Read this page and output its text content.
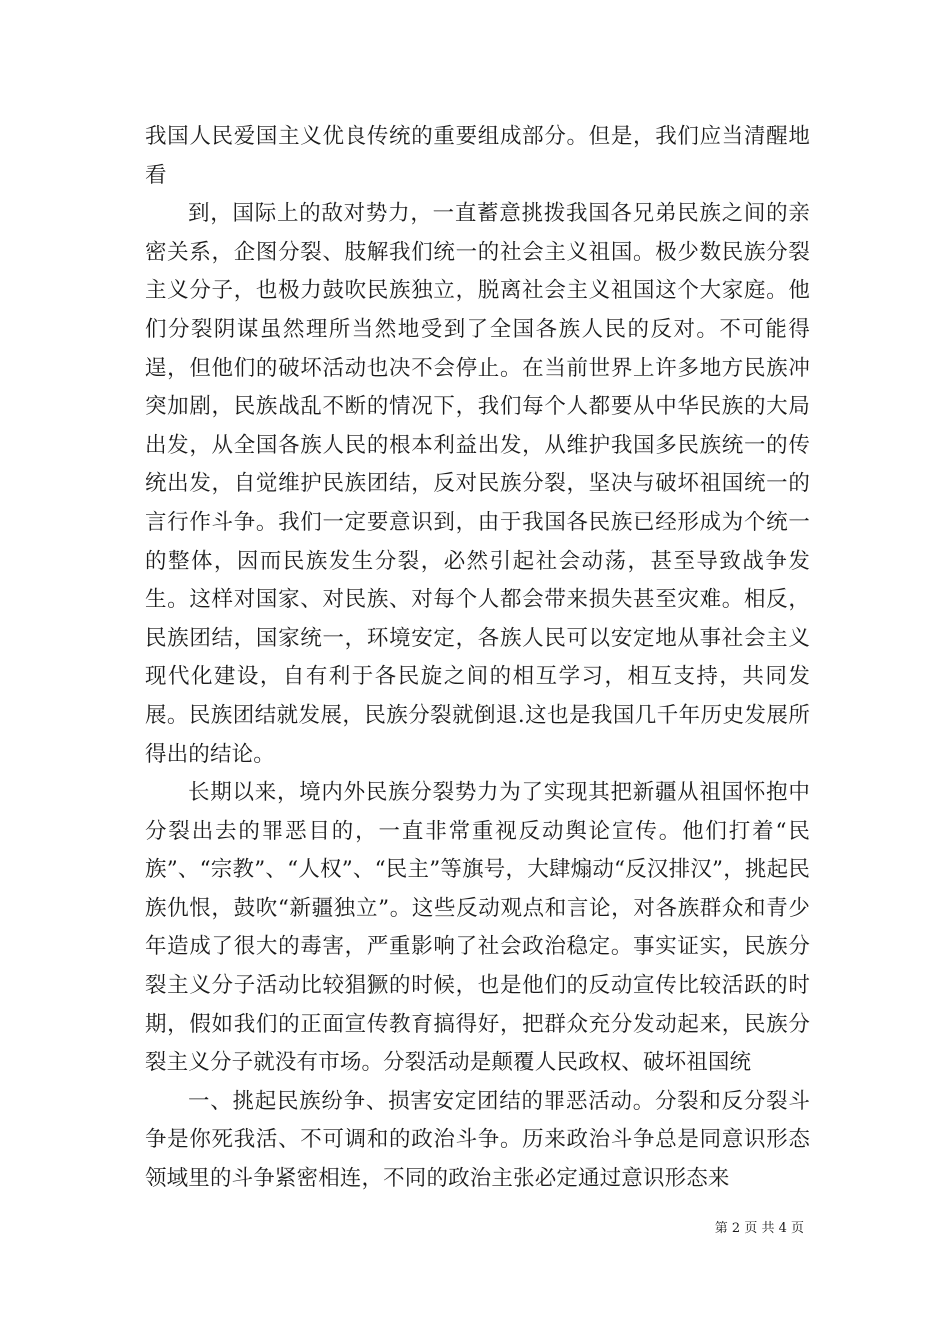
我国人民爱国主义优良传统的重要组成部分。但是，我们应当清醒地看

到，国际上的敌对势力，一直蓄意挑拨我国各兄弟民族之间的亲密关系，企图分裂、肢解我们统一的社会主义祖国。极少数民族分裂主义分子，也极力鼓吹民族独立，脱离社会主义祖国这个大家庭。他们分裂阴谋虽然理所当然地受到了全国各族人民的反对。不可能得逞，但他们的破坏活动也决不会停止。在当前世界上许多地方民族冲突加剧，民族战乱不断的情况下，我们每个人都要从中华民族的大局出发，从全国各族人民的根本利益出发，从维护我国多民族统一的传统出发，自觉维护民族团结，反对民族分裂，坚决与破坏祖国统一的言行作斗争。我们一定要意识到，由于我国各民族已经形成为个统一的整体，因而民族发生分裂，必然引起社会动荡，甚至导致战争发生。这样对国家、对民族、对每个人都会带来损失甚至灾难。相反，民族团结，国家统一，环境安定，各族人民可以安定地从事社会主义现代化建设，自有利于各民旋之间的相互学习，相互支持，共同发展。民族团结就发展，民族分裂就倒退.这也是我国几千年历史发展所得出的结论。

长期以来，境内外民族分裂势力为了实现其把新疆从祖国怀抱中分裂出去的罪恶目的，一直非常重视反动舆论宣传。他们打着“民族”、“宗教”、“人权”、“民主”等旗号，大肆煽动“反汉排汉”，挑起民族仇恨，鼓吹“新疆独立”。这些反动观点和言论，对各族群众和青少年造成了很大的毒害，严重影响了社会政治稳定。事实证实，民族分裂主义分子活动比较猖獗的时候，也是他们的反动宣传比较活跃的时期，假如我们的正面宣传教育搞得好，把群众充分发动起来，民族分裂主义分子就没有市场。分裂活动是颠覆人民政权、破坏祖国统

一、挑起民族纷争、损害安定团结的罪恶活动。分裂和反分裂斗争是你死我活、不可调和的政治斗争。历来政治斗争总是同意识形态领域里的斗争紧密相连，不同的政治主张必定通过意识形态来

第 2 页 共 4 页
